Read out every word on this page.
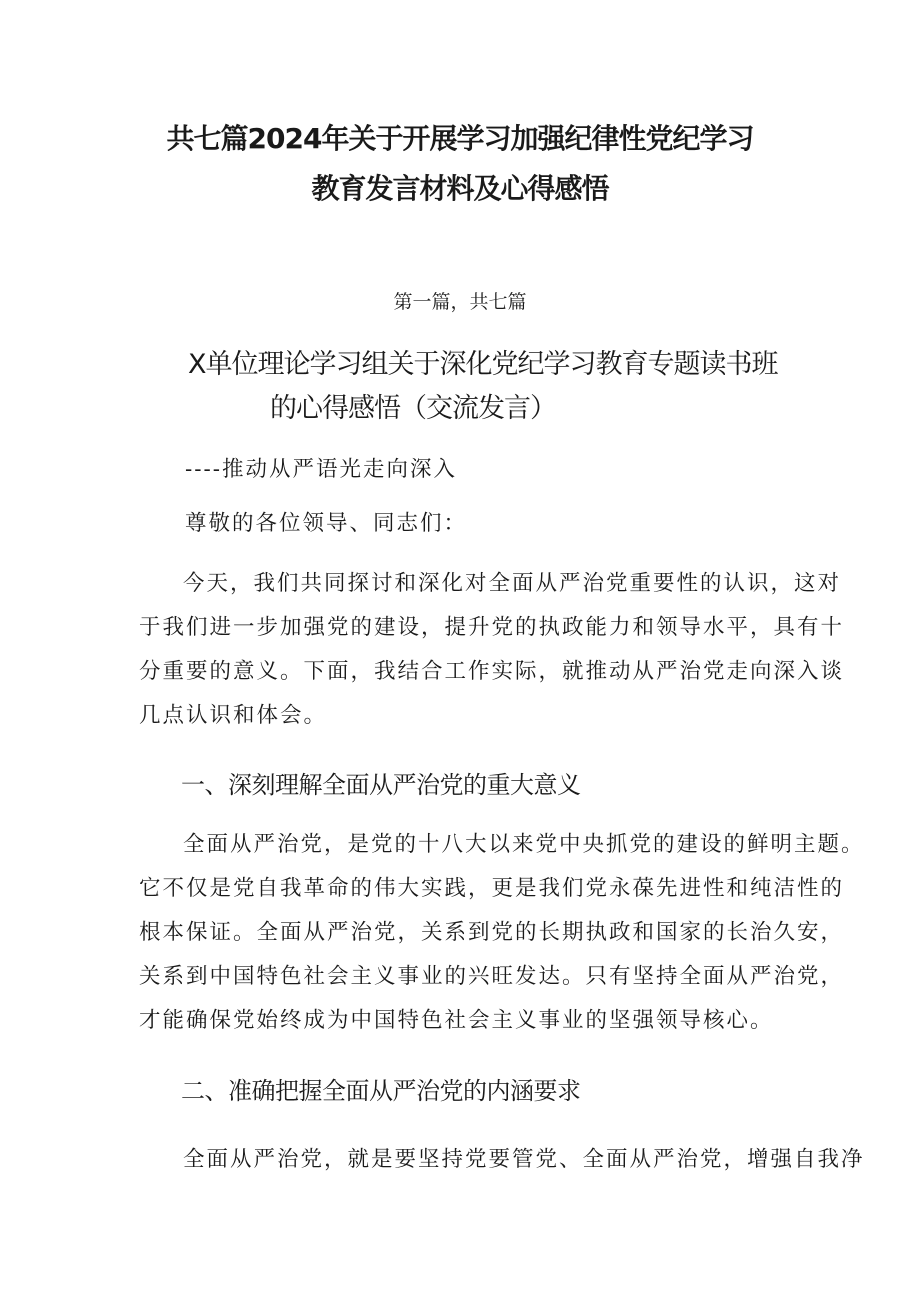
共七篇2024年关于开展学习加强纪律性党纪学习
教育发言材料及心得感悟
第一篇，共七篇
X单位理论学习组关于深化党纪学习教育专题读书班
的心得感悟（交流发言）
----推动从严语光走向深入
尊敬的各位领导、同志们：
今天，我们共同探讨和深化对全面从严治党重要性的认识，这对
于我们进一步加强党的建设，提升党的执政能力和领导水平，具有十
分重要的意义。下面，我结合工作实际，就推动从严治党走向深入谈
几点认识和体会。
一、深刻理解全面从严治党的重大意义
全面从严治党，是党的十八大以来党中央抓党的建设的鲜明主题。
它不仅是党自我革命的伟大实践，更是我们党永葆先进性和纯洁性的
根本保证。全面从严治党，关系到党的长期执政和国家的长治久安，
关系到中国特色社会主义事业的兴旺发达。只有坚持全面从严治党，
才能确保党始终成为中国特色社会主义事业的坚强领导核心。
二、准确把握全面从严治党的内涵要求
全面从严治党，就是要坚持党要管党、全面从严治党，增强自我净
